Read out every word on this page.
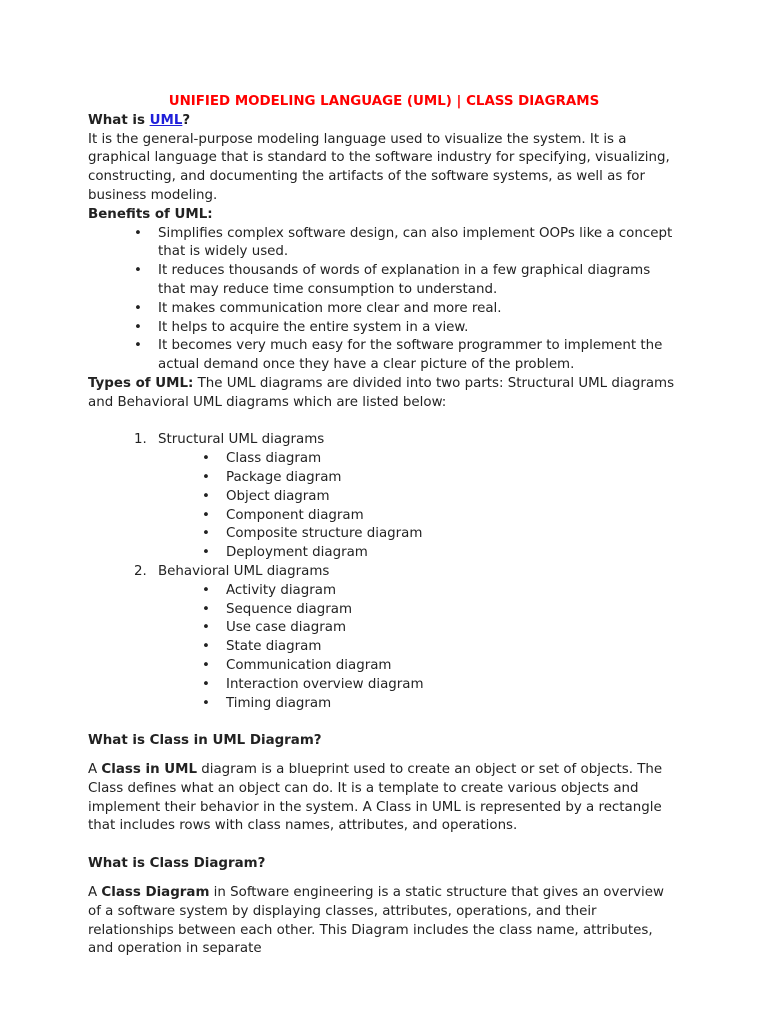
UNIFIED MODELING LANGUAGE (UML) | CLASS DIAGRAMS

What is UML?

It is the general-purpose modeling language used to visualize the system. It is a graphical language that is standard to the software industry for specifying, visualizing, constructing, and documenting the artifacts of the software systems, as well as for business modeling.

Benefits of UML:

• Simplifies complex software design, can also implement OOPs like a concept that is widely used.
• It reduces thousands of words of explanation in a few graphical diagrams that may reduce time consumption to understand.
• It makes communication more clear and more real.
• It helps to acquire the entire system in a view.
• It becomes very much easy for the software programmer to implement the actual demand once they have a clear picture of the problem.

Types of UML: The UML diagrams are divided into two parts: Structural UML diagrams and Behavioral UML diagrams which are listed below:

1. Structural UML diagrams
• Class diagram
• Package diagram
• Object diagram
• Component diagram
• Composite structure diagram
• Deployment diagram
2. Behavioral UML diagrams
• Activity diagram
• Sequence diagram
• Use case diagram
• State diagram
• Communication diagram
• Interaction overview diagram
• Timing diagram

What is Class in UML Diagram?

A Class in UML diagram is a blueprint used to create an object or set of objects. The Class defines what an object can do. It is a template to create various objects and implement their behavior in the system. A Class in UML is represented by a rectangle that includes rows with class names, attributes, and operations.

What is Class Diagram?

A Class Diagram in Software engineering is a static structure that gives an overview of a software system by displaying classes, attributes, operations, and their relationships between each other. This Diagram includes the class name, attributes, and operation in separate
